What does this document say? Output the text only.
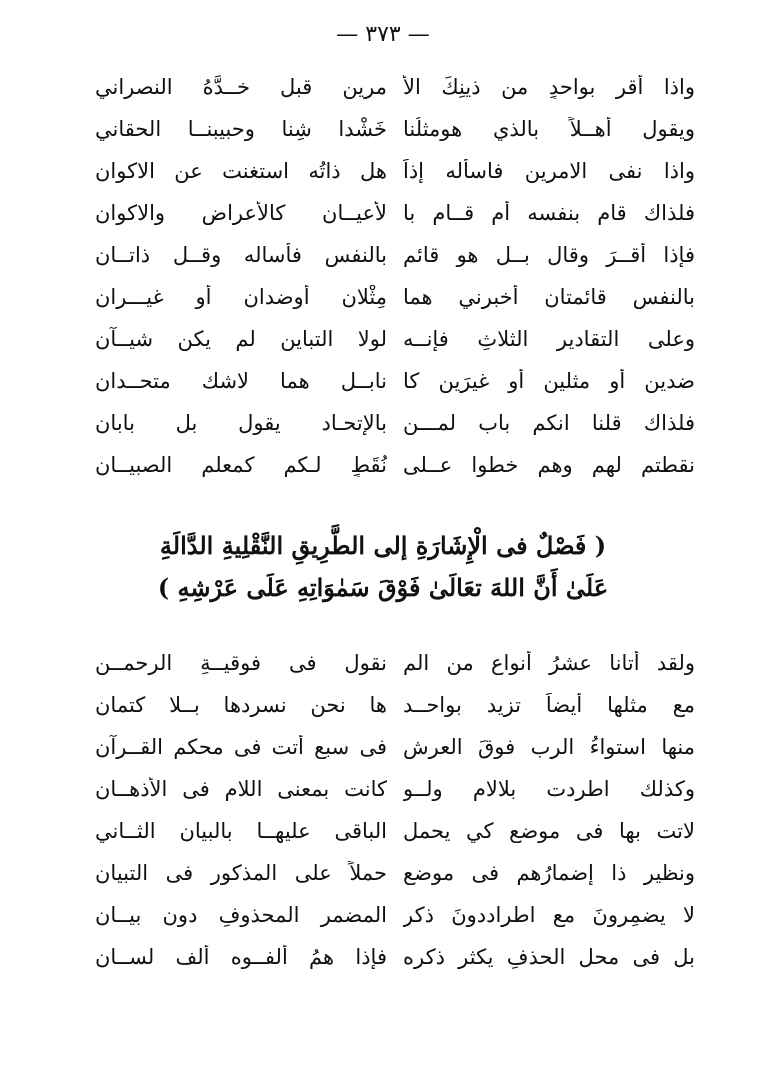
— ٣٧٣ —
واذا أقر بواحدٍ من ذينِكَ الأ
مرين قبل خــدَّهُ النصراني
ويقول أهــلاً بالذي هومثلُنا
خَشْدا شِنا وحبيبنــا الحقاني
واذا نفى الامرين فاسأله إذاً
هل ذاتُه استغنت عن الاكوان
فلذاك قام بنفسه أم قــام با
لأعيــانِ كالأَعراضِ والاكوان
فإذا أقــرَ وقال بــل هو قائم
بالنفس فأساله وقــل ذاتــان
بالنفس قائمتانِ أخبرني هما
مِثْلان أوضدان أو غيـــران
وعلى التقاديرِ الثلاثِ فإنــه
لولا التباين لم يكن شيــآن
ضدينِ أو مثلين أو غيرَينِ كا
نابــل هما لاشك متحــدان
فلذاك قلنا انكم باب لمـــن
بالإتحـاد يقول بل بابان
نقطتم لهم وهم خطوا عــلى
نُقَطٍ لـكم كمعلم الصبيــان
( فَصْلٌ فى الْإِشَارَةِ إلى الطَّرِيقِ النَّقْلِيةِ الدَّالَةِ
عَلَىٰ أَنَّ اللهَ تعَالَىٰ فَوْقَ سَمٰوَاتِهِ عَلَى عَرْشِهِ )
ولقد أتانا عشرُ أنواعٍ من الم
نقول فى فوقيــةِ الرحمــن
مع مثلها أيضاً تزيد بواحــد
ها نحن نسردها بــلا كتمان
منها استواءُ الرب فوقَ العرشِ
فى سبع أتت فى محكم القــرآن
وكذلك اطردت بلالامِ ولــو
كانت بمعنى اللام فى الأذهــان
لاتت بها فى موضع كي يحمل
الباقى عليهــا بالبيان الثــاني
ونظير ذا إضمارُهم فى موضع
حملاً على المذكورِ فى التبيان
لا يضمِرونَ مع اطراددونَ ذكر
المضمر المحذوفِ دون بيــان
بل فى محل الحذفِ يكثر ذكره
فإذا همُ ألفــوه ألف لســان
